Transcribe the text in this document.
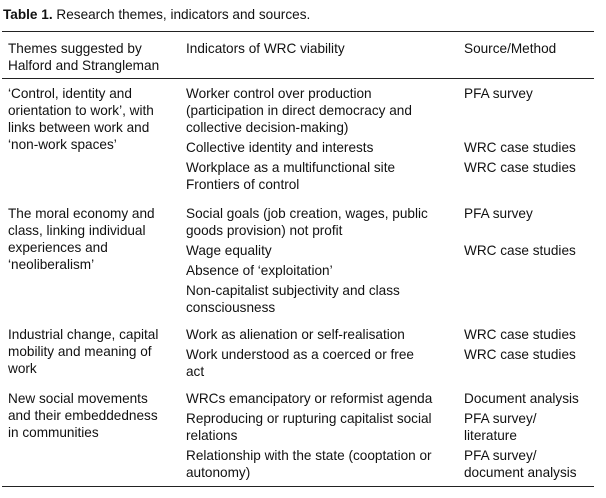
Table 1. Research themes, indicators and sources.
Themes suggested by
Halford and Strangleman
Indicators of WRC viability	Source/Method
‘Control, identity and
orientation to work’, with
links between work and
‘non-work spaces’
Worker control over production
(participation in direct democracy and
collective decision-making)
Collective identity and interests
Workplace as a multifunctional site
Frontiers of control
PFA survey
WRC case studies
WRC case studies
The moral economy and
class, linking individual
experiences and
‘neoliberalism’
Social goals (job creation, wages, public
goods provision) not profit
Wage equality
Absence of ‘exploitation’
Non-capitalist subjectivity and class
consciousness
PFA survey
WRC case studies
Industrial change, capital
mobility and meaning of
work
Work as alienation or self-realisation
Work understood as a coerced or free
act
WRC case studies
WRC case studies
New social movements
and their embeddedness
in communities
WRCs emancipatory or reformist agenda
Reproducing or rupturing capitalist social
relations
Relationship with the state (cooptation or
autonomy)
Document analysis
PFA survey/
literature
PFA survey/
document analysis
